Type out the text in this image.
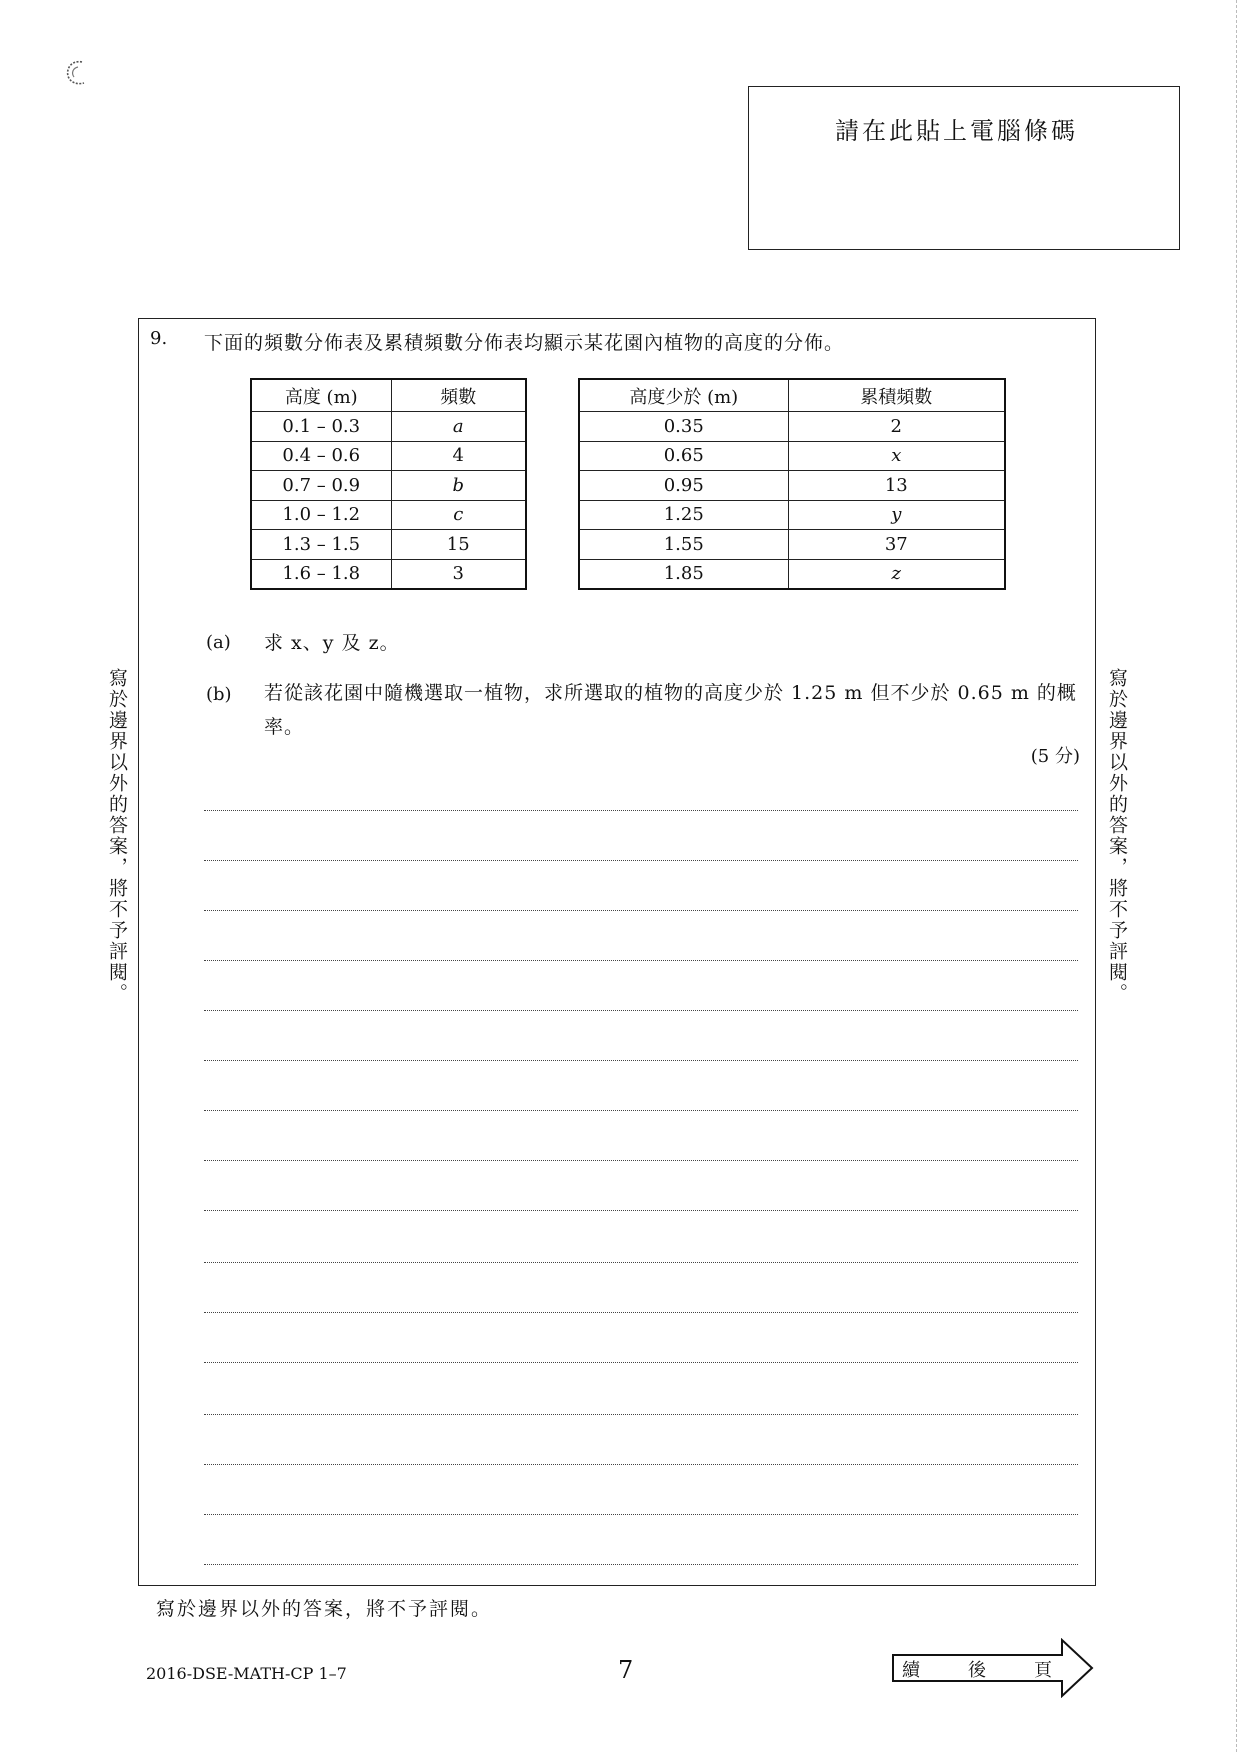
請在此貼上電腦條碼
9. 下面的頻數分佈表及累積頻數分佈表均顯示某花園內植物的高度的分佈。
高度 (m)	頻數
0.1 – 0.3	a
0.4 – 0.6	4
0.7 – 0.9	b
1.0 – 1.2	c
1.3 – 1.5	15
1.6 – 1.8	3
高度少於 (m)	累積頻數
0.35	2
0.65	x
0.95	13
1.25	y
1.55	37
1.85	z
(a) 求 x、y 及 z。
(b) 若從該花園中隨機選取一植物，求所選取的植物的高度少於 1.25 m 但不少於 0.65 m 的概率。
(5 分)
寫於邊界以外的答案，將不予評閱。	寫於邊界以外的答案，將不予評閱。
寫於邊界以外的答案，將不予評閱。
2016-DSE-MATH-CP 1–7	7	續	後	頁
